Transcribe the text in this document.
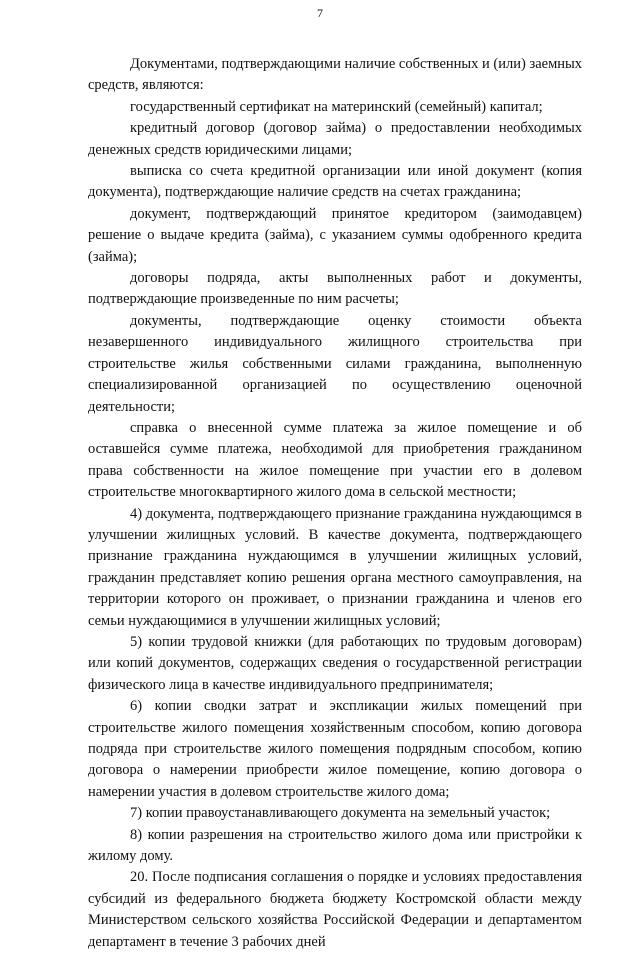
7

Документами, подтверждающими наличие собственных и (или) заемных средств, являются:

государственный сертификат на материнский (семейный) капитал;

кредитный договор (договор займа) о предоставлении необходимых денежных средств юридическими лицами;

выписка со счета кредитной организации или иной документ (копия документа), подтверждающие наличие средств на счетах гражданина;

документ, подтверждающий принятое кредитором (заимодавцем) решение о выдаче кредита (займа), с указанием суммы одобренного кредита (займа);

договоры подряда, акты выполненных работ и документы, подтверждающие произведенные по ним расчеты;

документы, подтверждающие оценку стоимости объекта незавершенного индивидуального жилищного строительства при строительстве жилья собственными силами гражданина, выполненную специализированной организацией по осуществлению оценочной деятельности;

справка о внесенной сумме платежа за жилое помещение и об оставшейся сумме платежа, необходимой для приобретения гражданином права собственности на жилое помещение при участии его в долевом строительстве многоквартирного жилого дома в сельской местности;

4) документа, подтверждающего признание гражданина нуждающимся в улучшении жилищных условий. В качестве документа, подтверждающего признание гражданина нуждающимся в улучшении жилищных условий, гражданин представляет копию решения органа местного самоуправления, на территории которого он проживает, о признании гражданина и членов его семьи нуждающимися в улучшении жилищных условий;

5) копии трудовой книжки (для работающих по трудовым договорам) или копий документов, содержащих сведения о государственной регистрации физического лица в качестве индивидуального предпринимателя;

6) копии сводки затрат и экспликации жилых помещений при строительстве жилого помещения хозяйственным способом, копию договора подряда при строительстве жилого помещения подрядным способом, копию договора о намерении приобрести жилое помещение, копию договора о намерении участия в долевом строительстве жилого дома;

7) копии правоустанавливающего документа на земельный участок;

8) копии разрешения на строительство жилого дома или пристройки к жилому дому.

20. После подписания соглашения о порядке и условиях предоставления субсидий из федерального бюджета бюджету Костромской области между Министерством сельского хозяйства Российской Федерации и департаментом департамент в течение 3 рабочих дней
